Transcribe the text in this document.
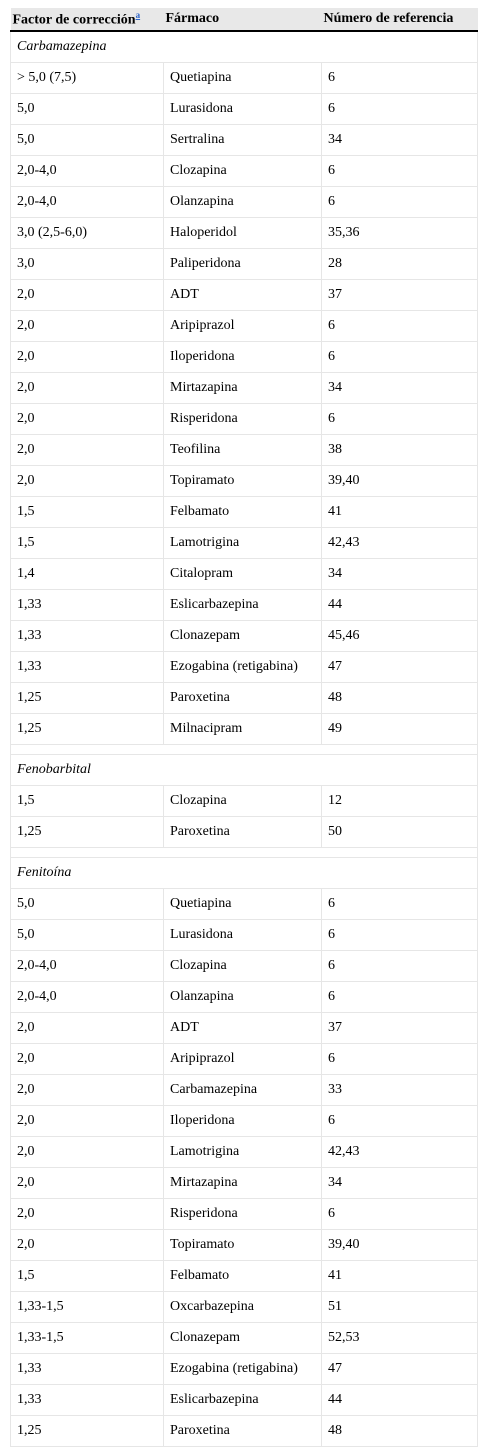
Factor de corrección$^a$	Fármaco	Número de referencia
Carbamazepina		
> 5,0 (7,5)	Quetiapina	6
5,0	Lurasidona	6
5,0	Sertralina	34
2,0-4,0	Clozapina	6
2,0-4,0	Olanzapina	6
3,0 (2,5-6,0)	Haloperidol	35,36
3,0	Paliperidona	28
2,0	ADT	37
2,0	Aripiprazol	6
2,0	Iloperidona	6
2,0	Mirtazapina	34
2,0	Risperidona	6
2,0	Teofilina	38
2,0	Topiramato	39,40
1,5	Felbamato	41
1,5	Lamotrigina	42,43
1,4	Citalopram	34
1,33	Eslicarbazepina	44
1,33	Clonazepam	45,46
1,33	Ezogabina (retigabina)	47
1,25	Paroxetina	48
1,25	Milnacipram	49

Fenobarbital		
1,5	Clozapina	12
1,25	Paroxetina	50

Fenitoína		
5,0	Quetiapina	6
5,0	Lurasidona	6
2,0-4,0	Clozapina	6
2,0-4,0	Olanzapina	6
2,0	ADT	37
2,0	Aripiprazol	6
2,0	Carbamazepina	33
2,0	Iloperidona	6
2,0	Lamotrigina	42,43
2,0	Mirtazapina	34
2,0	Risperidona	6
2,0	Topiramato	39,40
1,5	Felbamato	41
1,33-1,5	Oxcarbazepina	51
1,33-1,5	Clonazepam	52,53
1,33	Ezogabina (retigabina)	47
1,33	Eslicarbazepina	44
1,25	Paroxetina	48
